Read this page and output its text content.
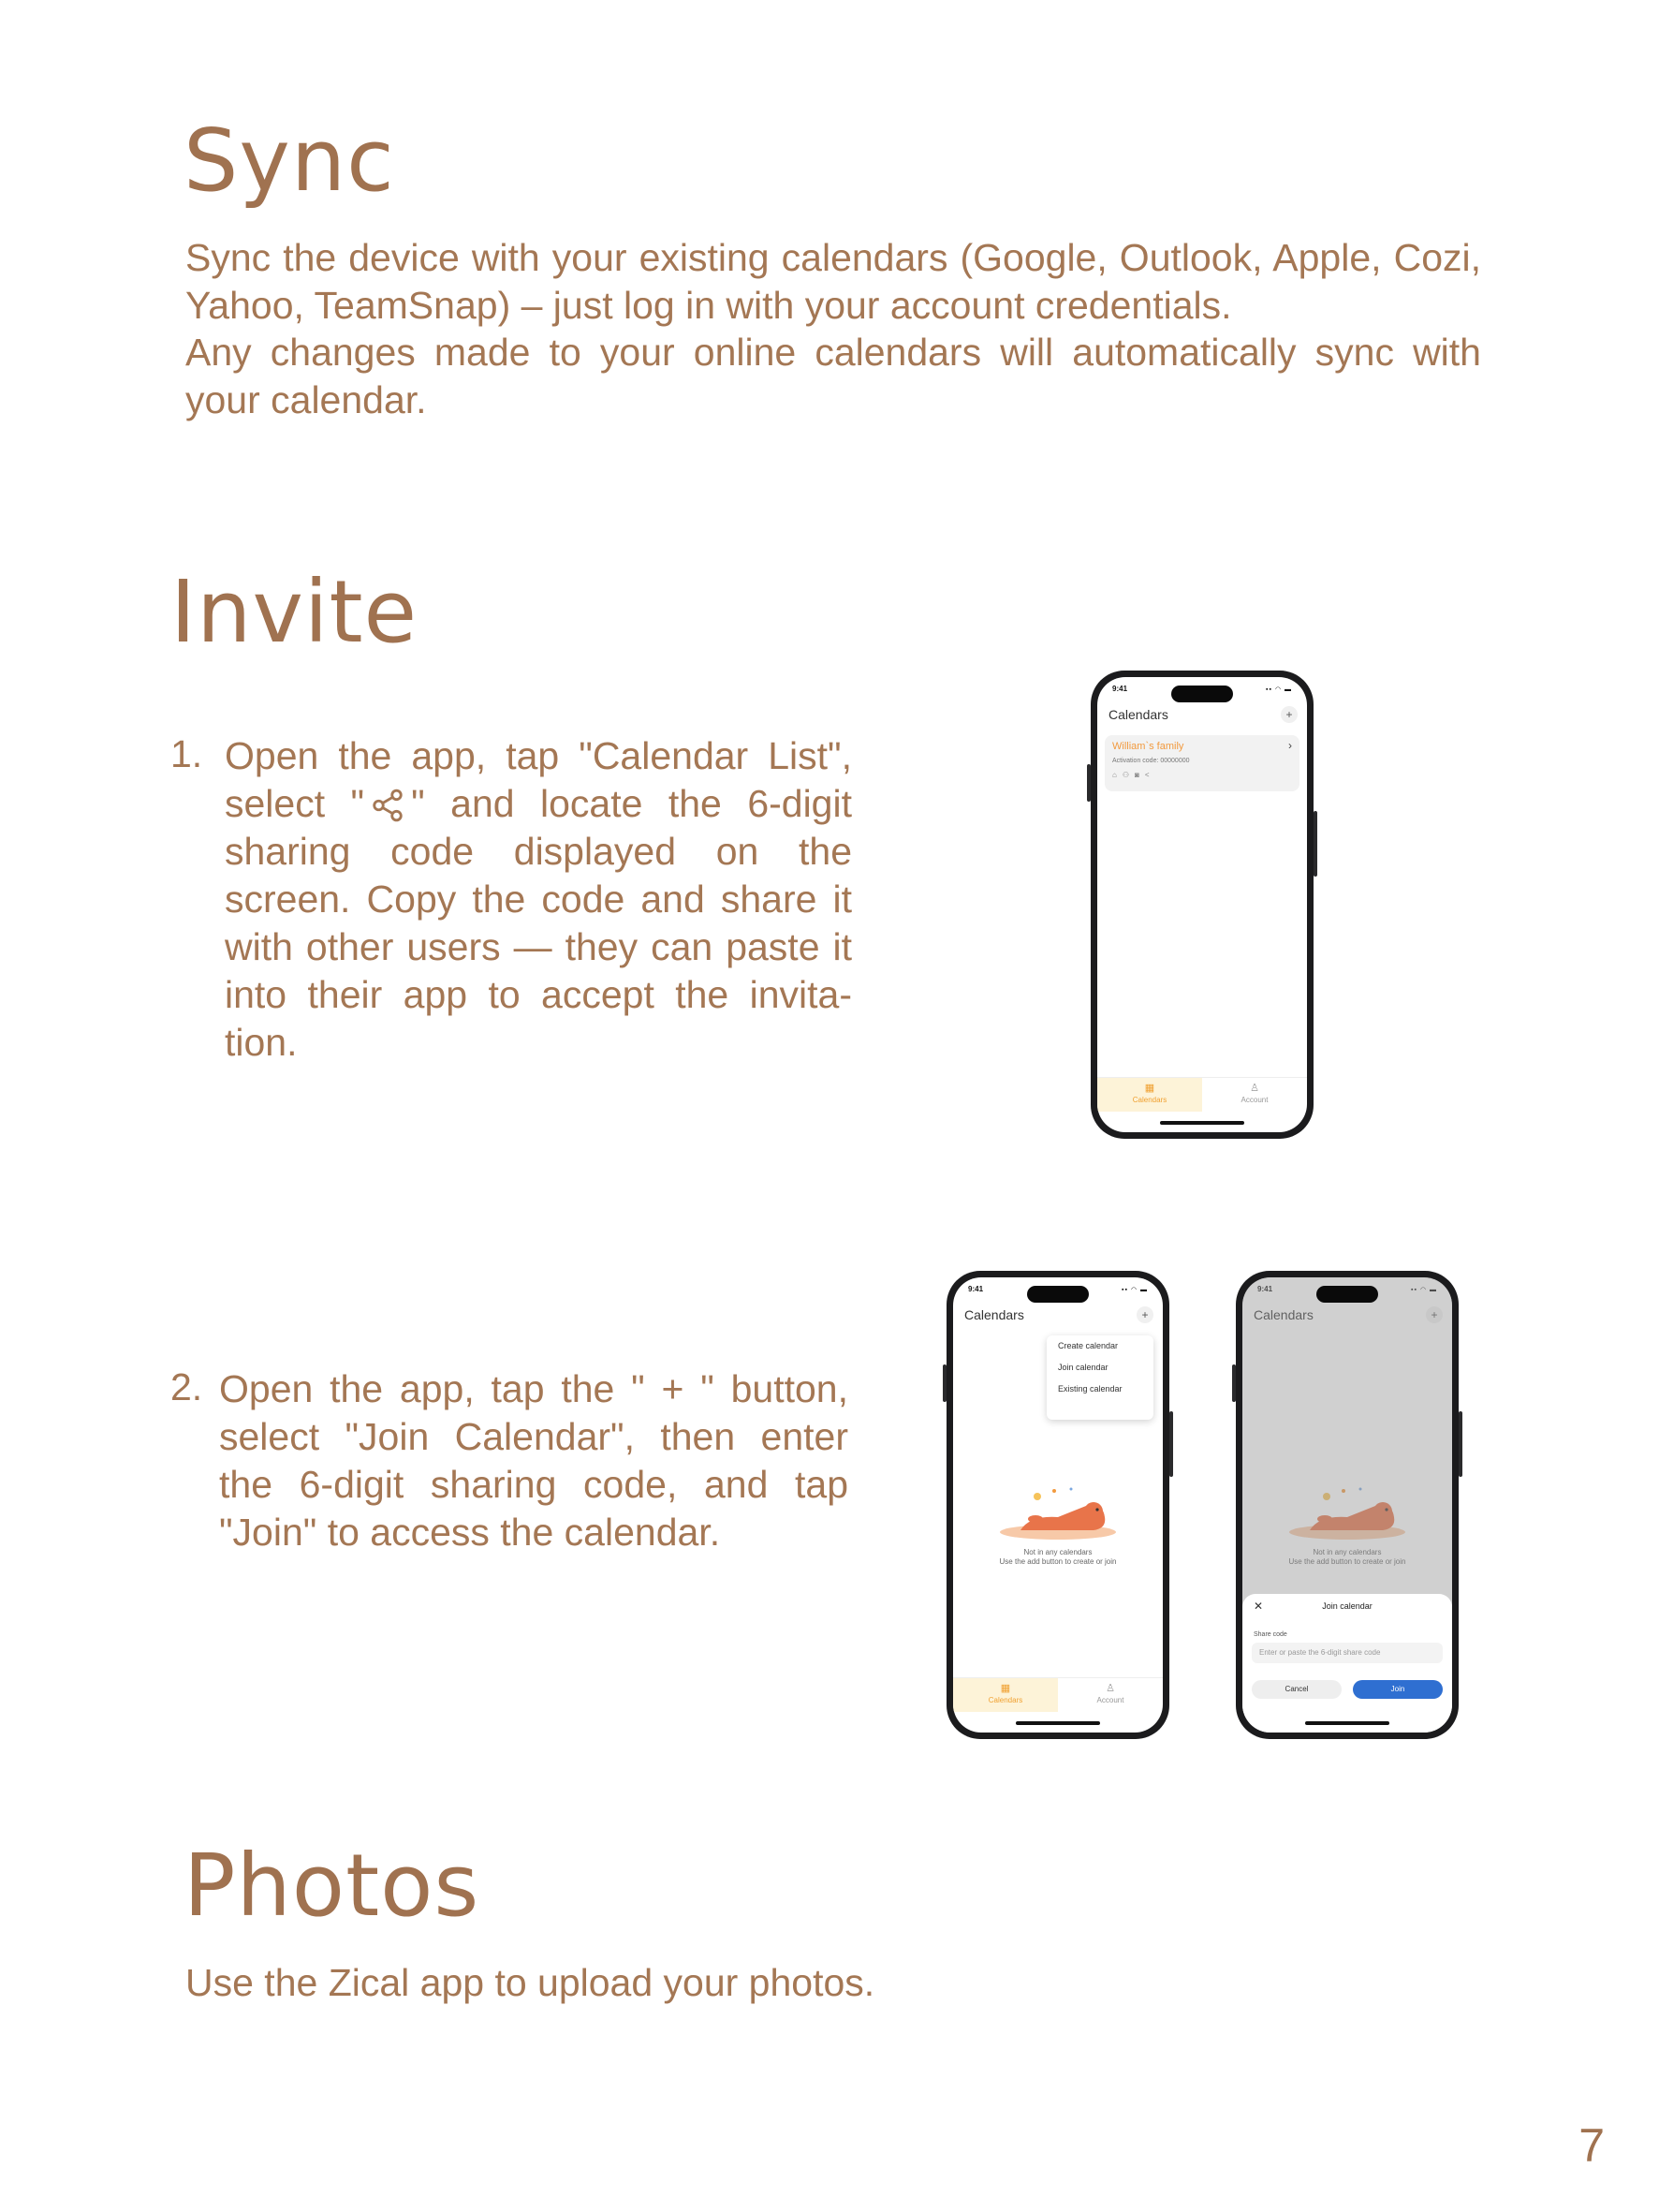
Sync

Sync the device with your existing calendars (Google, Outlook, Apple, Cozi, Yahoo, TeamSnap) – just log in with your account credentials.

Any changes made to your online calendars will automatically sync with your calendar.

Invite
1. Open the app, tap "Calendar List", select " " and locate the 6-digit sharing code displayed on the screen. Copy the code and share it with other users — they can paste it into their app to accept the invita-tion.

2. Open the app, tap the " + " button, select "Join Calendar", then enter the 6-digit sharing code, and tap "Join" to access the calendar.

9:41	▪▪ ◠ ▬
Calendars	+
William`s family
Activation code: 00000000
›
⌂⚇◙<
▦
Calendars
♙
Account
9:41	▪▪ ◠ ▬
Calendars	+
Create calendar
Join calendar
Existing calendar
Not in any calendars
Use the add button to create or join
▦
Calendars
♙
Account
9:41	▪▪ ◠ ▬
Calendars	+
Not in any calendars
Use the add button to create or join
✕	Join calendar
Share code
Enter or paste the 6-digit share code
Cancel	Join
Photos

Use the Zical app to upload your photos.

7
